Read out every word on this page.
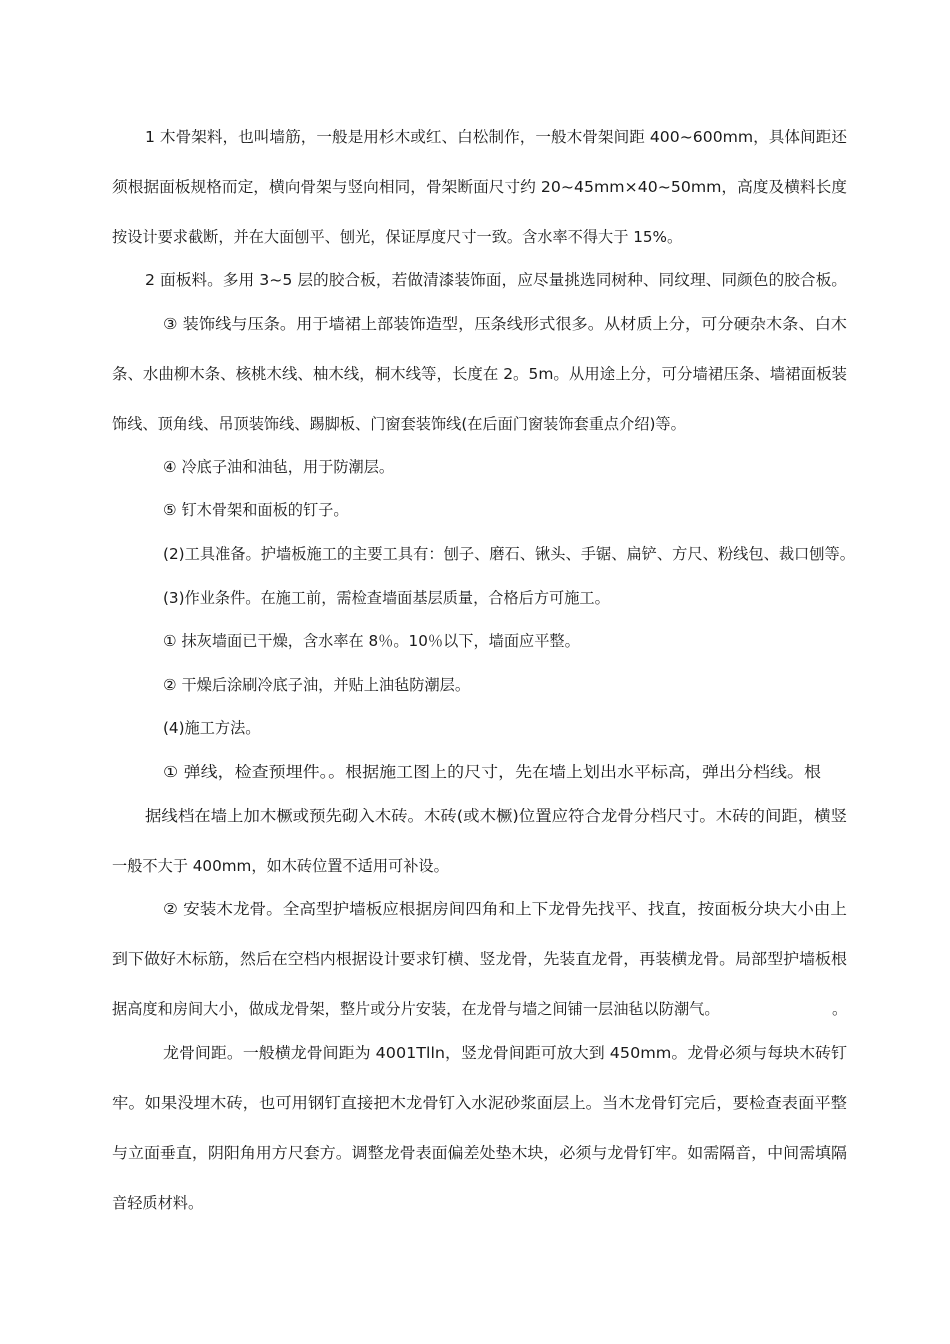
1 木骨架料，也叫墙筋，一般是用杉木或红、白松制作，一般木骨架间距 400~600mm，具体间距还

须根据面板规格而定，横向骨架与竖向相同，骨架断面尺寸约 20~45mm×40~50mm，高度及横料长度

按设计要求截断，并在大面刨平、刨光，保证厚度尺寸一致。含水率不得大于 15%。

2 面板料。多用 3~5 层的胶合板，若做清漆装饰面，应尽量挑选同树种、同纹理、同颜色的胶合板。

③ 装饰线与压条。用于墙裙上部装饰造型，压条线形式很多。从材质上分，可分硬杂木条、白木

条、水曲柳木条、核桃木线、柚木线，桐木线等，长度在 2。5m。从用途上分，可分墙裙压条、墙裙面板装

饰线、顶角线、吊顶装饰线、踢脚板、门窗套装饰线(在后面门窗装饰套重点介绍)等。

④ 冷底子油和油毡，用于防潮层。

⑤ 钉木骨架和面板的钉子。

(2)工具准备。护墙板施工的主要工具有：刨子、磨石、锹头、手锯、扁铲、方尺、粉线包、裁口刨等。

(3)作业条件。在施工前，需检查墙面基层质量，合格后方可施工。

① 抹灰墙面已干燥，含水率在 8％。10％以下，墙面应平整。

② 干燥后涂刷冷底子油，并贴上油毡防潮层。

(4)施工方法。

① 弹线，检查预埋件。。根据施工图上的尺寸，先在墙上划出水平标高，弹出分档线。根

据线档在墙上加木橛或预先砌入木砖。木砖(或木橛)位置应符合龙骨分档尺寸。木砖的间距，横竖

一般不大于 400mm，如木砖位置不适用可补设。

② 安装木龙骨。全高型护墙板应根据房间四角和上下龙骨先找平、找直，按面板分块大小由上

到下做好木标筋，然后在空档内根据设计要求钉横、竖龙骨，先装直龙骨，再装横龙骨。局部型护墙板根

据高度和房间大小，做成龙骨架，整片或分片安装，在龙骨与墙之间铺一层油毡以防潮气。	。

龙骨间距。一般横龙骨间距为 4001Tlln，竖龙骨间距可放大到 450mm。龙骨必须与每块木砖钉

牢。如果没埋木砖，也可用钢钉直接把木龙骨钉入水泥砂浆面层上。当木龙骨钉完后，要检查表面平整

与立面垂直，阴阳角用方尺套方。调整龙骨表面偏差处垫木块，必须与龙骨钉牢。如需隔音，中间需填隔

音轻质材料。
